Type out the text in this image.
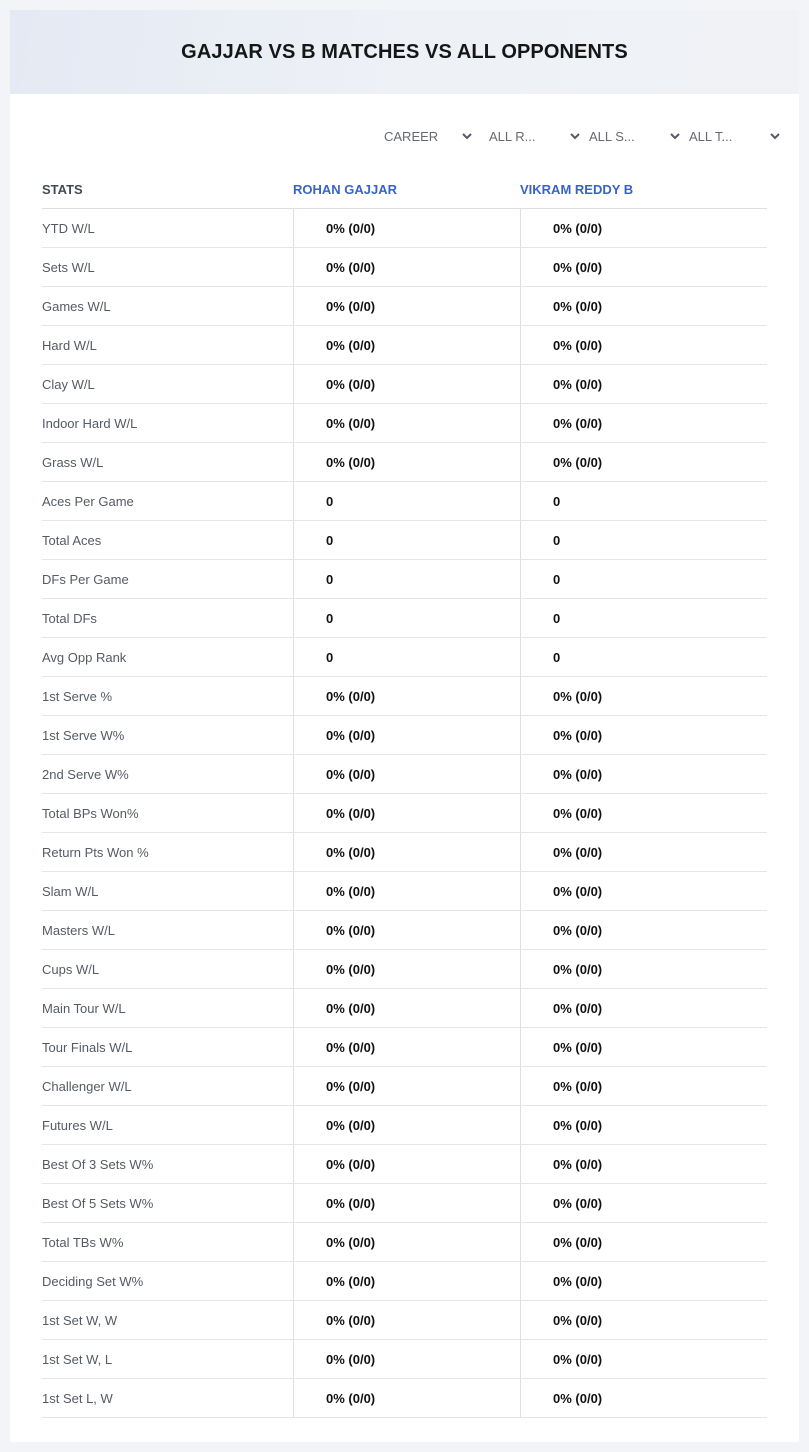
GAJJAR VS B MATCHES VS ALL OPPONENTS
CAREER	ALL R...	ALL S...	ALL T...
STATS	ROHAN GAJJAR	VIKRAM REDDY B
YTD W/L	0% (0/0)	0% (0/0)
Sets W/L	0% (0/0)	0% (0/0)
Games W/L	0% (0/0)	0% (0/0)
Hard W/L	0% (0/0)	0% (0/0)
Clay W/L	0% (0/0)	0% (0/0)
Indoor Hard W/L	0% (0/0)	0% (0/0)
Grass W/L	0% (0/0)	0% (0/0)
Aces Per Game	0	0
Total Aces	0	0
DFs Per Game	0	0
Total DFs	0	0
Avg Opp Rank	0	0
1st Serve %	0% (0/0)	0% (0/0)
1st Serve W%	0% (0/0)	0% (0/0)
2nd Serve W%	0% (0/0)	0% (0/0)
Total BPs Won%	0% (0/0)	0% (0/0)
Return Pts Won %	0% (0/0)	0% (0/0)
Slam W/L	0% (0/0)	0% (0/0)
Masters W/L	0% (0/0)	0% (0/0)
Cups W/L	0% (0/0)	0% (0/0)
Main Tour W/L	0% (0/0)	0% (0/0)
Tour Finals W/L	0% (0/0)	0% (0/0)
Challenger W/L	0% (0/0)	0% (0/0)
Futures W/L	0% (0/0)	0% (0/0)
Best Of 3 Sets W%	0% (0/0)	0% (0/0)
Best Of 5 Sets W%	0% (0/0)	0% (0/0)
Total TBs W%	0% (0/0)	0% (0/0)
Deciding Set W%	0% (0/0)	0% (0/0)
1st Set W, W	0% (0/0)	0% (0/0)
1st Set W, L	0% (0/0)	0% (0/0)
1st Set L, W	0% (0/0)	0% (0/0)
